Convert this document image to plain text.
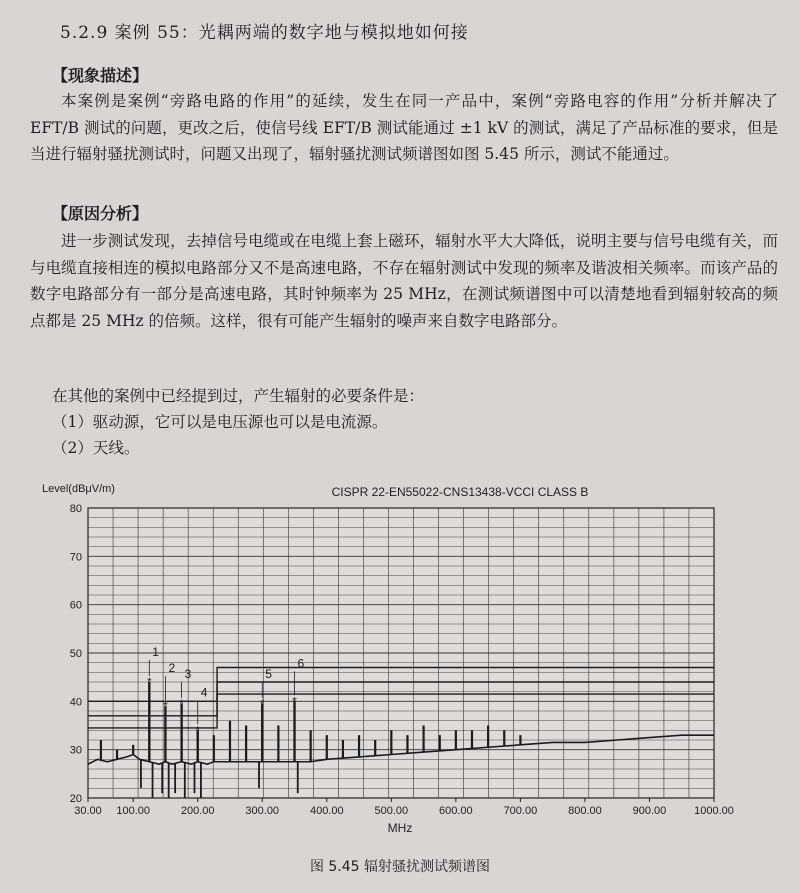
5.2.9 案例 55：光耦两端的数字地与模拟地如何接
【现象描述】

本案例是案例“旁路电路的作用”的延续，发生在同一产品中，案例“旁路电容的作用”分析并解决了 EFT/B 测试的问题，更改之后，使信号线 EFT/B 测试能通过 ±1 kV 的测试，满足了产品标准的要求，但是当进行辐射骚扰测试时，问题又出现了，辐射骚扰测试频谱图如图 5.45 所示，测试不能通过。

【原因分析】

进一步测试发现，去掉信号电缆或在电缆上套上磁环，辐射水平大大降低，说明主要与信号电缆有关，而与电缆直接相连的模拟电路部分又不是高速电路，不存在辐射测试中发现的频率及谐波相关频率。而该产品的数字电路部分有一部分是高速电路，其时钟频率为 25 MHz，在测试频谱图中可以清楚地看到辐射较高的频点都是 25 MHz 的倍频。这样，很有可能产生辐射的噪声来自数字电路部分。

在其他的案例中已经提到过，产生辐射的必要条件是：
（1）驱动源，它可以是电压源也可以是电流源。
（2）天线。
Level(dBμV/m)	CISPR 22-EN55022-CNS13438-VCCI CLASS B
MHz
20
30
40
50
60
70
80
30.00 100.00	200.00	300.00	400.00	500.00	600.00	700.00	800.00	900.00	1000.00
*
1
*
2
*
3
*
4
*
5
*
6
图 5.45 辐射骚扰测试频谱图
